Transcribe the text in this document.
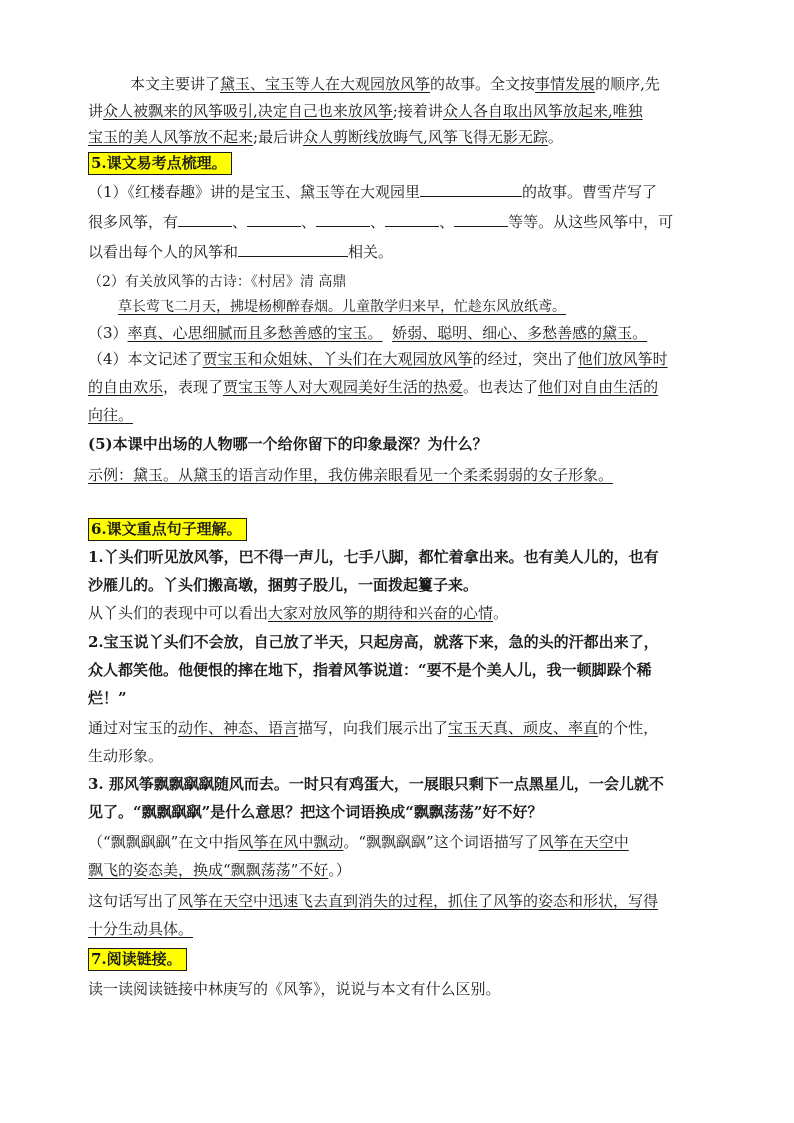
本文主要讲了黛玉、宝玉等人在大观园放风筝的故事。全文按事情发展的顺序,先
讲众人被飘来的风筝吸引,决定自己也来放风筝;接着讲众人各自取出风筝放起来,唯独
宝玉的美人风筝放不起来;最后讲众人剪断线放晦气,风筝飞得无影无踪。
5.课文易考点梳理。
（1）《红楼春趣》讲的是宝玉、黛玉等在大观园里	的故事。曹雪芹写了
很多风筝，有	、	、	、	、	等等。从这些风筝中，可
以看出每个人的风筝和	相关。
（2）有关放风筝的古诗：《村居》清 高鼎
草长莺飞二月天，拂堤杨柳醉春烟。儿童散学归来早，忙趁东风放纸鸢。
（3）率真、心思细腻而且多愁善感的宝玉。 娇弱、聪明、细心、多愁善感的黛玉。
（4）本文记述了贾宝玉和众姐妹、丫头们在大观园放风筝的经过，突出了他们放风筝时
的自由欢乐，表现了贾宝玉等人对大观园美好生活的热爱。也表达了他们对自由生活的
向往。
(5)本课中出场的人物哪一个给你留下的印象最深？为什么？
示例：黛玉。从黛玉的语言动作里，我仿佛亲眼看见一个柔柔弱弱的女子形象。
6.课文重点句子理解。
1.丫头们听见放风筝，巴不得一声儿，七手八脚，都忙着拿出来。也有美人儿的，也有
沙雁儿的。丫头们搬高墩，捆剪子股儿，一面拨起籰子来。
从丫头们的表现中可以看出大家对放风筝的期待和兴奋的心情。
2.宝玉说丫头们不会放，自己放了半天，只起房高，就落下来，急的头的汗都出来了，
众人都笑他。他便恨的摔在地下，指着风筝说道：“要不是个美人儿，我一顿脚跺个稀
烂！”
通过对宝玉的动作、神态、语言描写，向我们展示出了宝玉天真、顽皮、率直的个性，
生动形象。
3. 那风筝飘飘飖飖随风而去。一时只有鸡蛋大，一展眼只剩下一点黑星儿，一会儿就不
见了。“飘飘飖飖”是什么意思？把这个词语换成“飘飘荡荡”好不好？
（“飘飘飖飖”在文中指风筝在风中飘动。“飘飘飖飖”这个词语描写了风筝在天空中
飘飞的姿态美，换成“飘飘荡荡”不好。）
这句话写出了风筝在天空中迅速飞去直到消失的过程，抓住了风筝的姿态和形状，写得
十分生动具体。
7.阅读链接。
读一读阅读链接中林庚写的《风筝》，说说与本文有什么区别。
